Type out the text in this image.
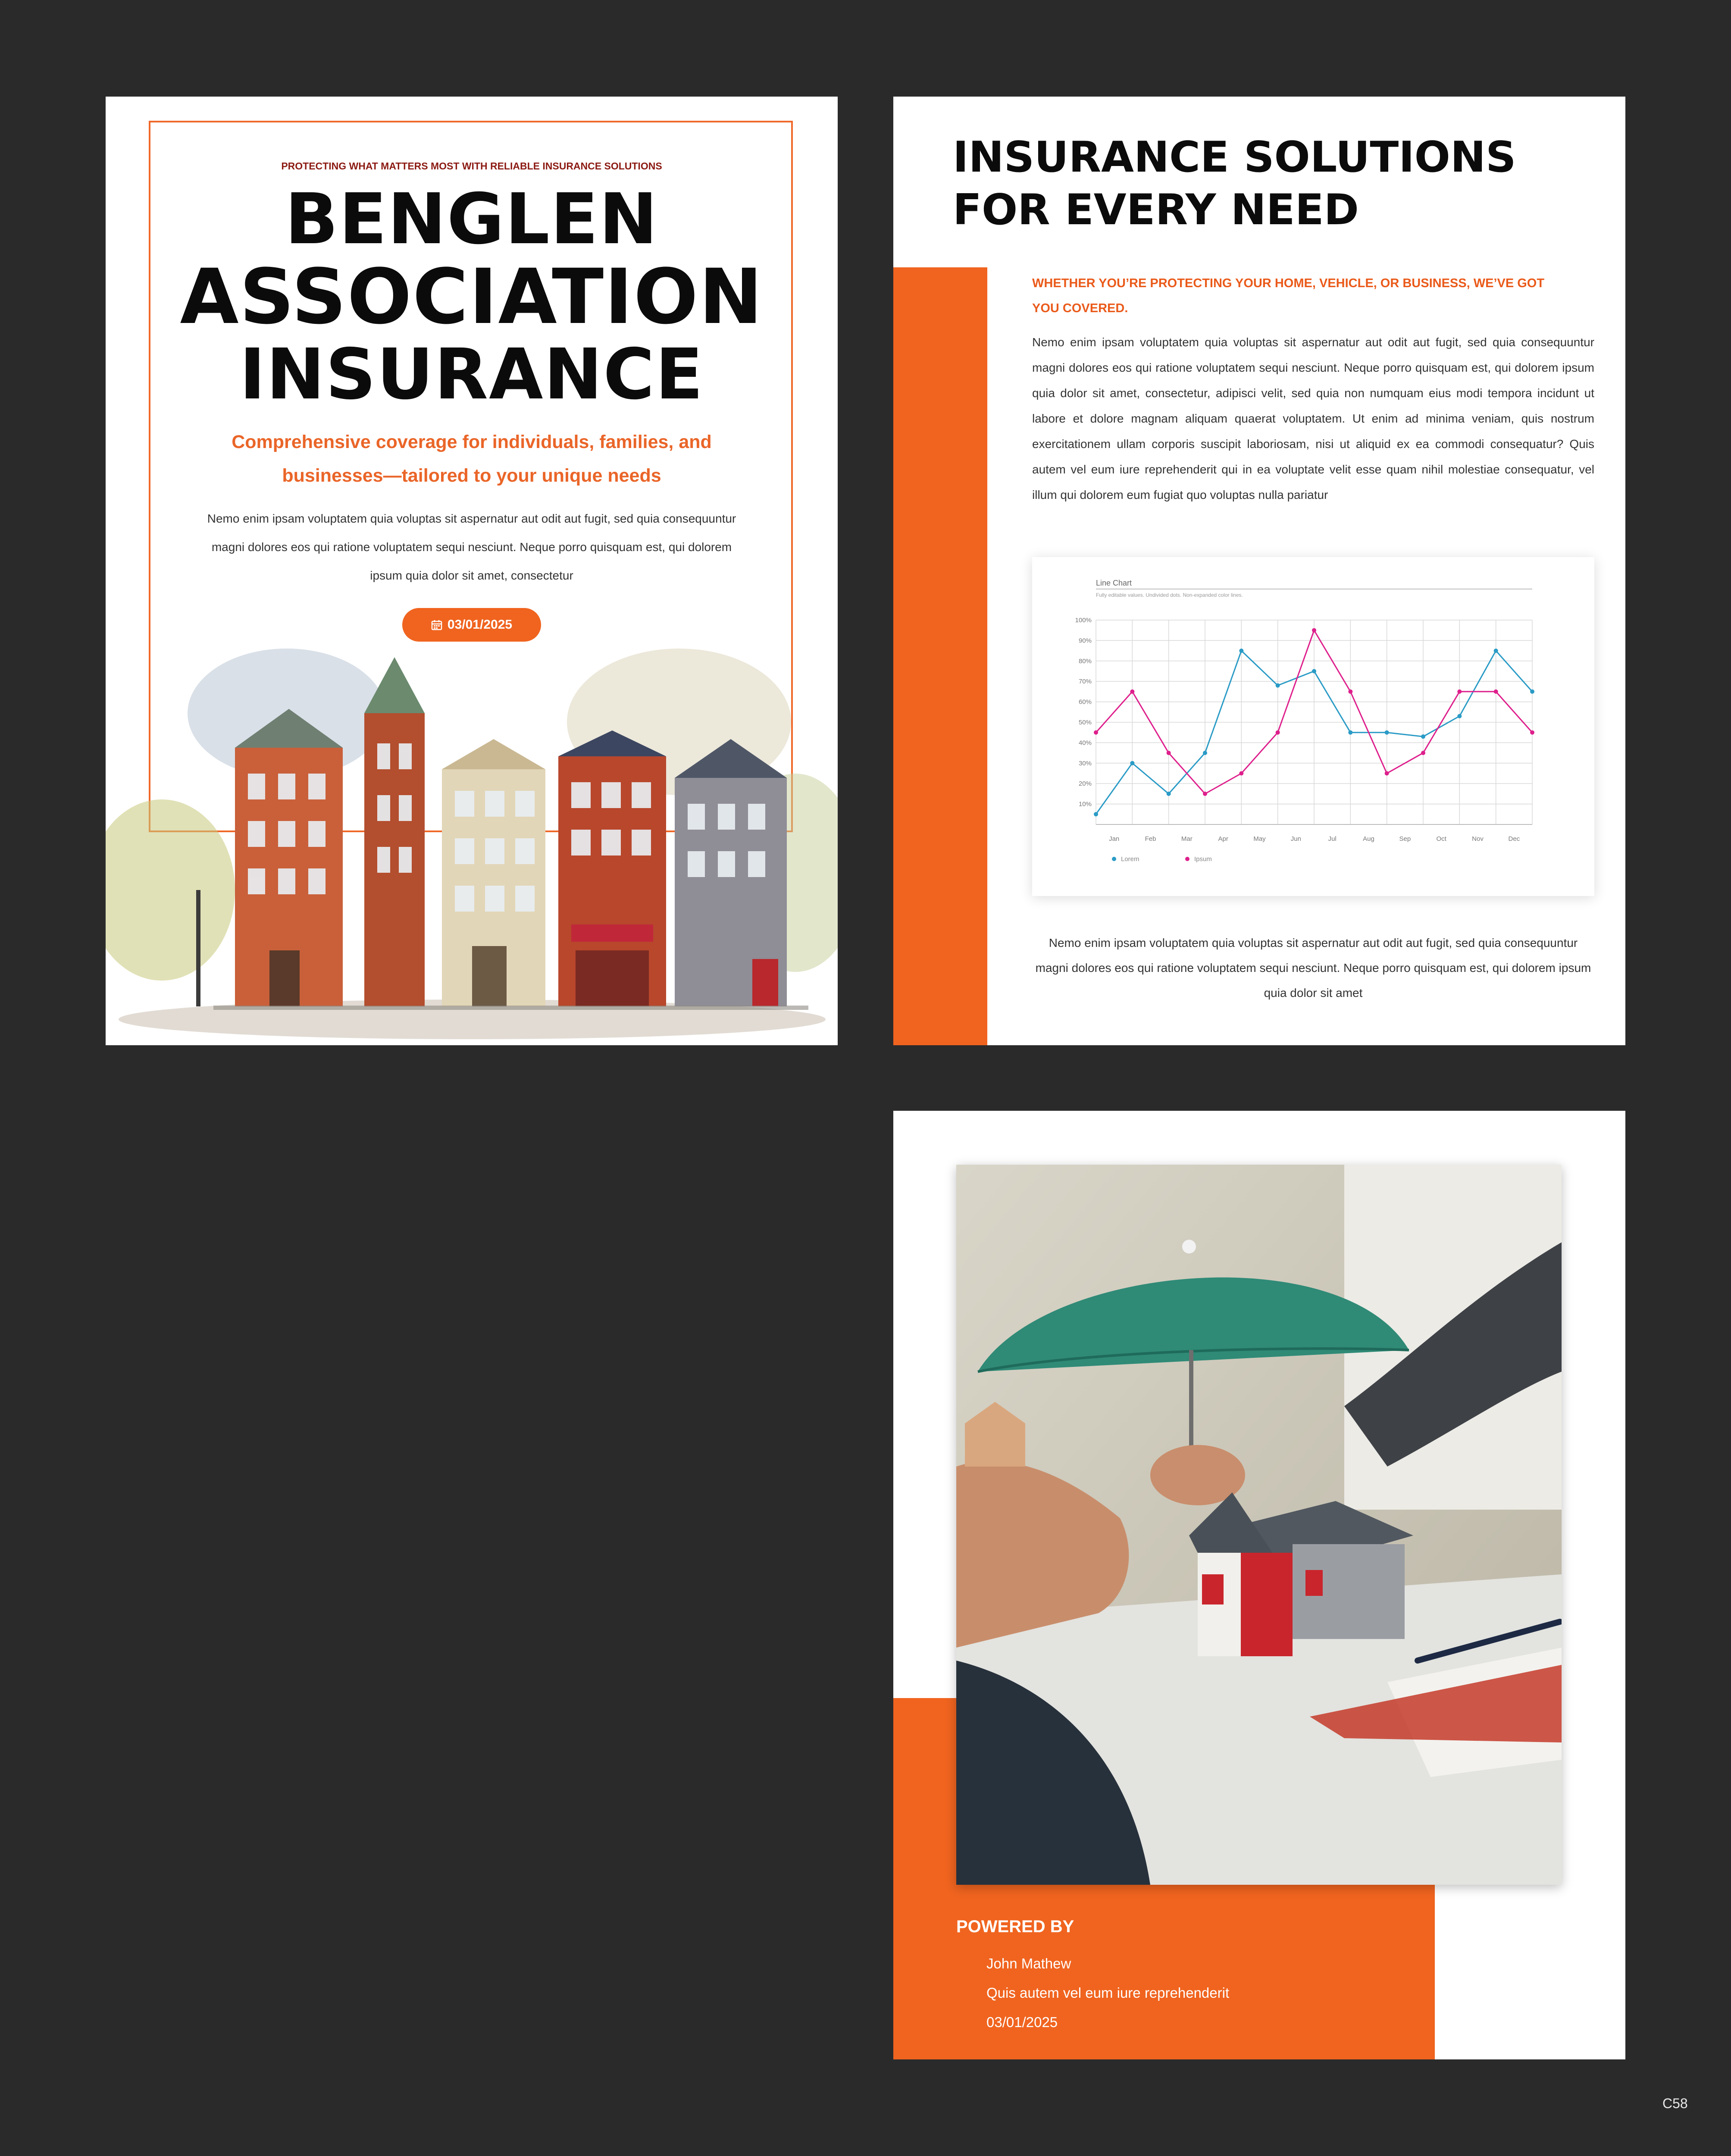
PROTECTING WHAT MATTERS MOST WITH RELIABLE INSURANCE SOLUTIONS
BENGLEN
ASSOCIATION
INSURANCE
Comprehensive coverage for individuals, families, and businesses—tailored to your unique needs
Nemo enim ipsam voluptatem quia voluptas sit aspernatur aut odit aut fugit, sed quia consequuntur magni dolores eos qui ratione voluptatem sequi nesciunt. Neque porro quisquam est, qui dolorem ipsum quia dolor sit amet, consectetur
03/01/2025
INSURANCE SOLUTIONS FOR EVERY NEED
WHETHER YOU’RE PROTECTING YOUR HOME, VEHICLE, OR BUSINESS, WE’VE GOT YOU COVERED.
Nemo enim ipsam voluptatem quia voluptas sit aspernatur aut odit aut fugit, sed quia consequuntur magni dolores eos qui ratione voluptatem sequi nesciunt. Neque porro quisquam est, qui dolorem ipsum quia dolor sit amet, consectetur, adipisci velit, sed quia non numquam eius modi tempora incidunt ut labore et dolore magnam aliquam quaerat voluptatem. Ut enim ad minima veniam, quis nostrum exercitationem ullam corporis suscipit laboriosam, nisi ut aliquid ex ea commodi consequatur? Quis autem vel eum iure reprehenderit qui in ea voluptate velit esse quam nihil molestiae consequatur, vel illum qui dolorem eum fugiat quo voluptas nulla pariatur
Line Chart
Fully editable values. Undivided dots. Non-expanded color lines.
100%
90%
80%
70%
60%
50%
40%
30%
20%
10%
Jan	Feb	Mar	Apr	May	Jun	Jul	Aug	Sep	Oct	Nov	Dec
Lorem	Ipsum
Nemo enim ipsam voluptatem quia voluptas sit aspernatur aut odit aut fugit, sed quia consequuntur magni dolores eos qui ratione voluptatem sequi nesciunt. Neque porro quisquam est, qui dolorem ipsum quia dolor sit amet
POWERED BY
John Mathew
Quis autem vel eum iure reprehenderit
03/01/2025
C58
